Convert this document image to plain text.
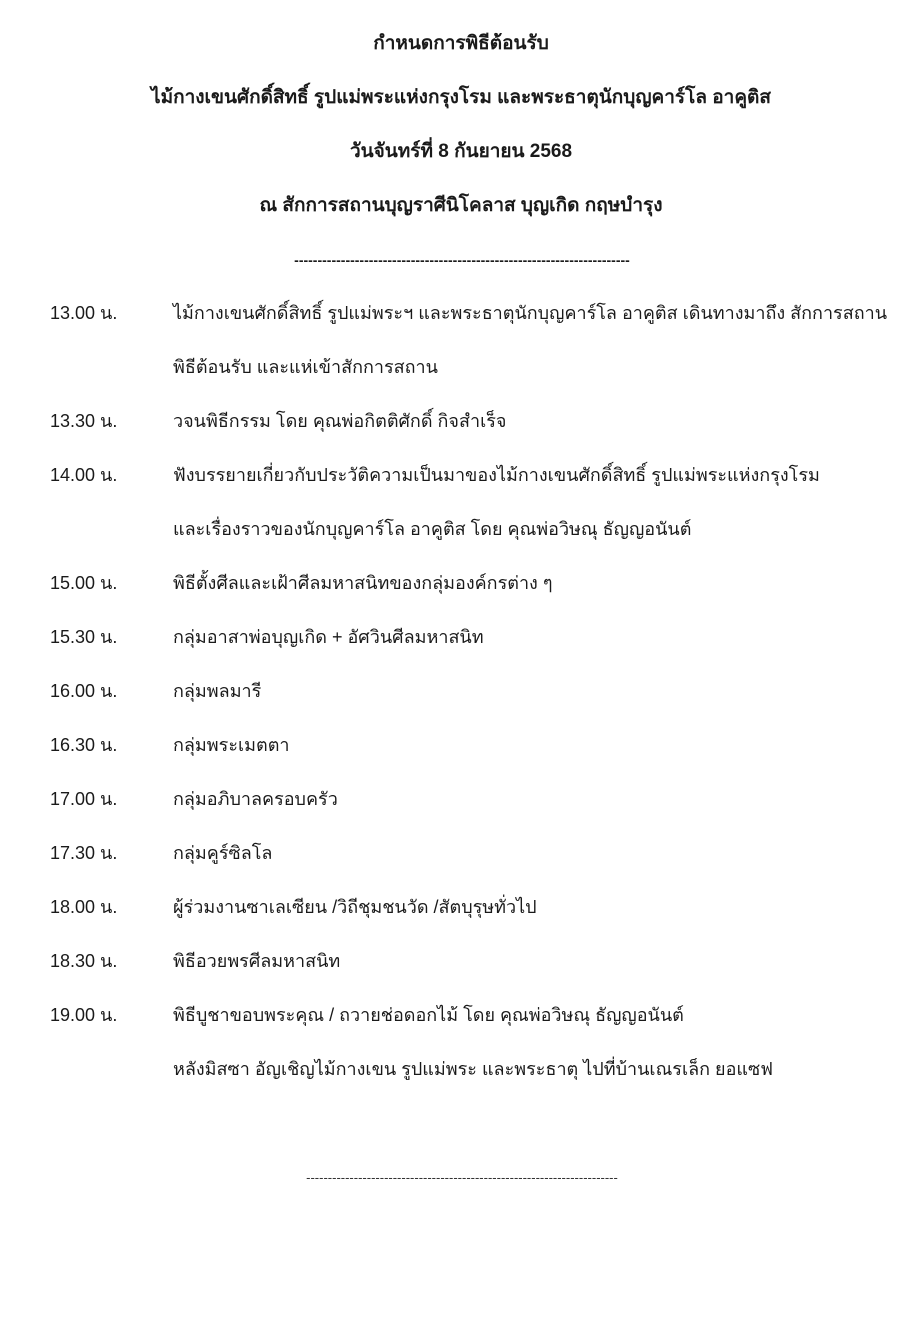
กำหนดการพิธีต้อนรับ
ไม้กางเขนศักดิ์สิทธิ์ รูปแม่พระแห่งกรุงโรม และพระธาตุนักบุญคาร์โล อาคูติส
วันจันทร์ที่ 8 กันยายน 2568
ณ สักการสถานบุญราศีนิโคลาส บุญเกิด กฤษบำรุง
------------------------------------------------------------------------
13.00 น.	ไม้กางเขนศักดิ์สิทธิ์ รูปแม่พระฯ และพระธาตุนักบุญคาร์โล อาคูติส เดินทางมาถึง สักการสถาน
พิธีต้อนรับ และแห่เข้าสักการสถาน
13.30 น.	วจนพิธีกรรม โดย คุณพ่อกิตติศักดิ์ กิจสำเร็จ
14.00 น.	ฟังบรรยายเกี่ยวกับประวัติความเป็นมาของไม้กางเขนศักดิ์สิทธิ์ รูปแม่พระแห่งกรุงโรม
และเรื่องราวของนักบุญคาร์โล อาคูติส โดย คุณพ่อวิษณุ ธัญญอนันต์
15.00 น.	พิธีตั้งศีลและเฝ้าศีลมหาสนิทของกลุ่มองค์กรต่าง ๆ
15.30 น.	กลุ่มอาสาพ่อบุญเกิด + อัศวินศีลมหาสนิท
16.00 น.	กลุ่มพลมารี
16.30 น.	กลุ่มพระเมตตา
17.00 น.	กลุ่มอภิบาลครอบครัว
17.30 น.	กลุ่มคูร์ซิลโล
18.00 น.	ผู้ร่วมงานซาเลเซียน /วิถีชุมชนวัด /สัตบุรุษทั่วไป
18.30 น.	พิธีอวยพรศีลมหาสนิท
19.00 น.	พิธีบูชาขอบพระคุณ / ถวายช่อดอกไม้ โดย คุณพ่อวิษณุ ธัญญอนันต์
หลังมิสซา อัญเชิญไม้กางเขน รูปแม่พระ และพระธาตุ ไปที่บ้านเณรเล็ก ยอแซฟ
------------------------------------------------------------------------
